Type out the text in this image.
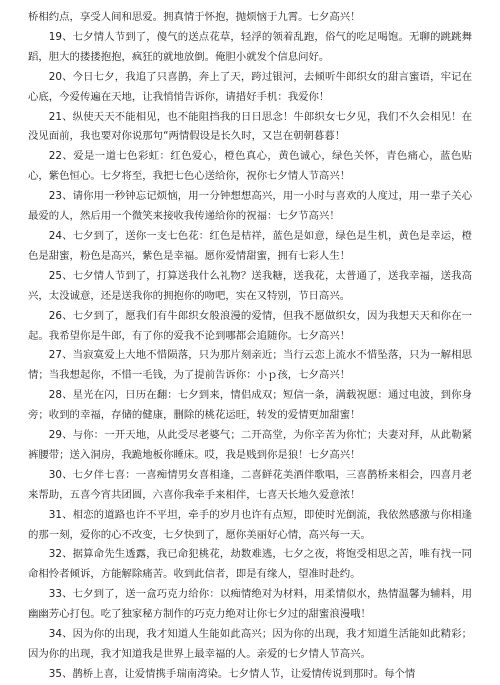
桥相约点，享受人间和思爱。拥真情于怀抱，抛烦恼于九霄。七夕高兴！

19、七夕情人节到了，傻气的送点花草，轻浮的领着乱跑，俗气的吃足喝饱。无聊的跳跳舞蹈，胆大的搂搂抱抱，疯狂的就地放倒。俺胆小就发个信息问好。

20、今日七夕，我追了只喜鹊，奔上了天，跨过银河，去倾听牛郎织女的甜言蜜语，牢记在心底，今爱传遍在天地，让我悄悄告诉你，请措好手机：我爱你！

21、纵使天天不能相见，也不能阻挡我的日日思念！牛郎织女七夕见，我们不久会相见！在没见面前，我也要对你说那句“两情假设是长久时，又岂在朝朝暮暮！

22、爱是一道七色彩虹：红色爱心，橙色真心，黄色诚心，绿色关怀，青色痛心，蓝色贴心，紫色恒心。七夕将至，我把七色心送给你，祝你七夕情人节高兴！

23、请你用一秒钟忘记烦恼，用一分钟想想高兴，用一小时与喜欢的人度过，用一辈子关心最爱的人，然后用一个微笑来接收我传递给你的祝福：七夕节高兴！

24、七夕到了，送你一支七色花：红色是桔祥，蓝色是如意，绿色是生机，黄色是幸运，橙色是甜蜜，粉色是高兴，紫色是幸福。愿你爱情甜蜜，拥有七彩人生！

25、七夕情人节到了，打算送我什么礼物？送我糖，送我花，太普通了，送我幸福，送我高兴，太没诚意，还是送我你的拥抱你的吻吧，实在又特别，节日高兴。

26、七夕到了，愿我们有牛郎织女般浪漫的爱情，但我不愿做织女，因为我想天天和你在一起。我希望你是牛郎，有了你的爱我不论到哪都会追随你。七夕高兴！

27、当寂寞爱上大地不惜陨落，只为那片刻亲近；当行云恋上流水不惜坠落，只为一解相思情；当我想起你，不惜一毛钱，为了提前告诉你：小ｐ孩，七夕高兴！

28、星光在闪，日历在翻：七夕到来，情侣成双；短信一条，满载祝愿：通过电波，到你身旁；收到的幸福，存储的健康，删除的桃花运旺，转发的爱情更加甜蜜！

29、与你：一开天地，从此受尽老婆气；二开高堂，为你辛苦为你忙；夫妻对拜，从此勒紧裤腰带；送入洞房，我跪地板你睡床。哎，我是贱到你是狼！七夕高兴！

30、七夕伴七喜：一喜痴情男女喜相逢，二喜鲜花美酒伴歌唱，三喜鹊桥来相会，四喜月老来帮助，五喜今宵共团圆，六喜你我牵手来相伴，七喜天长地久爱意浓！

31、相恋的道路也许不平坦，牵手的岁月也许有点短，即使时光倒流，我依然感激与你相逢的那一刻，爱你的心不改变，七夕快到了，愿你美丽好心情，高兴每一天。

32、据算命先生透露，我已命犯桃花，劫数难逃，七夕之夜，将饱受相思之苦，唯有找一同命相怜者倾诉，方能解除痛苦。收到此信者，即是有缘人，望准时赴约。

33、七夕到了，送一盒巧克力给你：以痴情绝对为材料，用柔情似水，热情温馨为辅料，用幽幽芳心打包。吃了独家秘方制作的巧克力绝对让你七夕过的甜蜜浪漫哦！

34、因为你的出现，我才知道人生能如此高兴；因为你的出现，我才知道生活能如此精彩；因为你的出现，我才知道我是世界上最幸福的人。亲爱的七夕情人节高兴。

35、鹊桥上喜，让爱情携手瑞南湾染。七夕情人节，让爱情传说到那时。每个情
